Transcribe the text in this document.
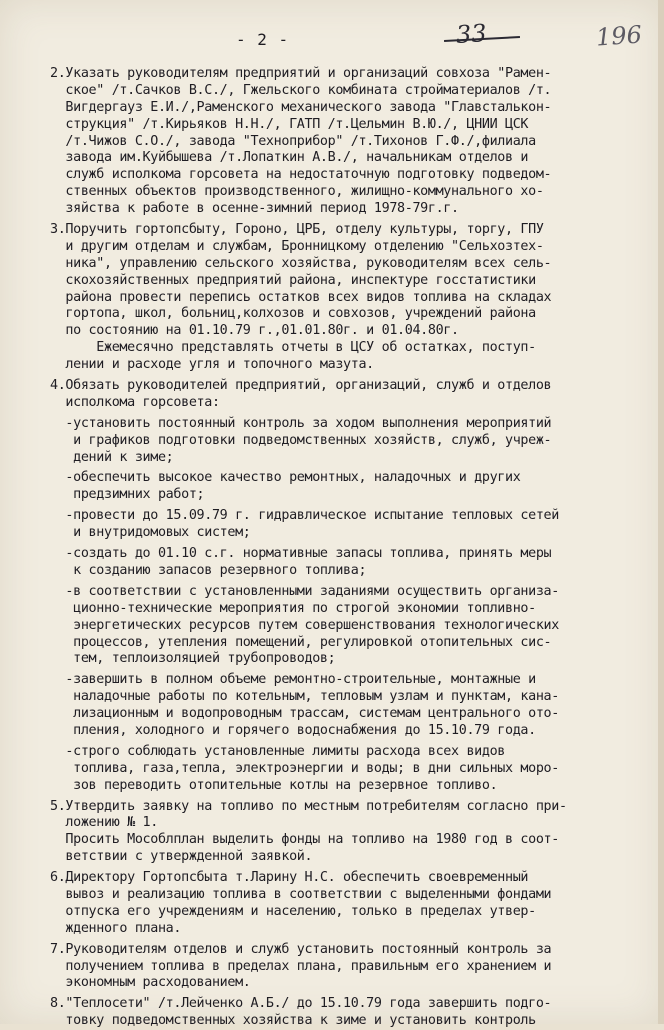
- 2 -	33	196
2.Указать руководителям предприятий и организаций совхоза "Рамен-
ское" /т.Сачков В.С./, Гжельского комбината стройматериалов /т.
Вигдергауз Е.И./,Раменского механического завода "Главсталькон-
струкция" /т.Кирьяков Н.Н./, ГАТП /т.Цельмин В.Ю./, ЦНИИ ЦСК
/т.Чижов С.О./, завода "Технoприбор" /т.Тихонов Г.Ф./,филиала
завода им.Куйбышева /т.Лопаткин А.В./, начальникам отделов и
служб исполкома горсовета на недостаточную подготовку подведом-
ственных объектов производственного, жилищно-коммунального хо-
зяйства к работе в осенне-зимний период 1978-79г.г.
3.Поручить гортопсбыту, Гороно, ЦРБ, отделу культуры, торгу, ГПУ
и другим отделам и службам, Бронницкому отделению "Сельхозтех-
ника", управлению сельского хозяйства, руководителям всех сель-
скохозяйственных предприятий района, инспектуре госстатистики
района провести перепись остатков всех видов топлива на складах
гортопа, школ, больниц,колхозов и совхозов, учреждений района
по состоянию на 01.10.79 г.,01.01.80г. и 01.04.80г.
Ежемесячно представлять отчеты в ЦСУ об остатках, поступ-
лении и расходе угля и топочного мазута.
4.Обязать руководителей предприятий, организаций, служб и отделов
исполкома горсовета:
-установить постоянный контроль за ходом выполнения мероприятий
и графиков подготовки подведомственных хозяйств, служб, учреж-
дений к зиме;
-обеспечить высокое качество ремонтных, наладочных и других
предзимних работ;
-провести до 15.09.79 г. гидравлическое испытание тепловых сетей
и внутридомовых систем;
-создать до 01.10 с.г. нормативные запасы топлива, принять меры
к созданию запасов резервного топлива;
-в соответствии с установленными заданиями осуществить организа-
ционно-технические мероприятия по строгой экономии топливно-
энергетических ресурсов путем совершенствования технологических
процессов, утепления помещений, регулировкой отопительных сис-
тем, теплоизоляцией трубопроводов;
-завершить в полном объеме ремонтно-строительные, монтажные и
наладочные работы по котельным, тепловым узлам и пунктам, кана-
лизационным и водопроводным трассам, системам центрального ото-
пления, холодного и горячего водоснабжения до 15.10.79 года.
-строго соблюдать установленные лимиты расхода всех видов
топлива, газа,тепла, электроэнергии и воды; в дни сильных моро-
зов переводить отопительные котлы на резервное топливо.
5.Утвердить заявку на топливо по местным потребителям согласно при-
ложению № 1.
Просить Мособлплан выделить фонды на топливо на 1980 год в соот-
ветствии с утвержденной заявкой.
6.Директору Гортопсбыта т.Ларину Н.С. обеспечить своевременный
вывоз и реализацию топлива в соответствии с выделенными фондами
отпуска его учреждениям и населению, только в пределах утвер-
жденного плана.
7.Руководителям отделов и служб установить постоянный контроль за
получением топлива в пределах плана, правильным его хранением и
экономным расходованием.
8."Теплосети" /т.Лейченко А.Б./ до 15.10.79 года завершить подго-
товку подведомственных хозяйства к зиме и установить контроль
